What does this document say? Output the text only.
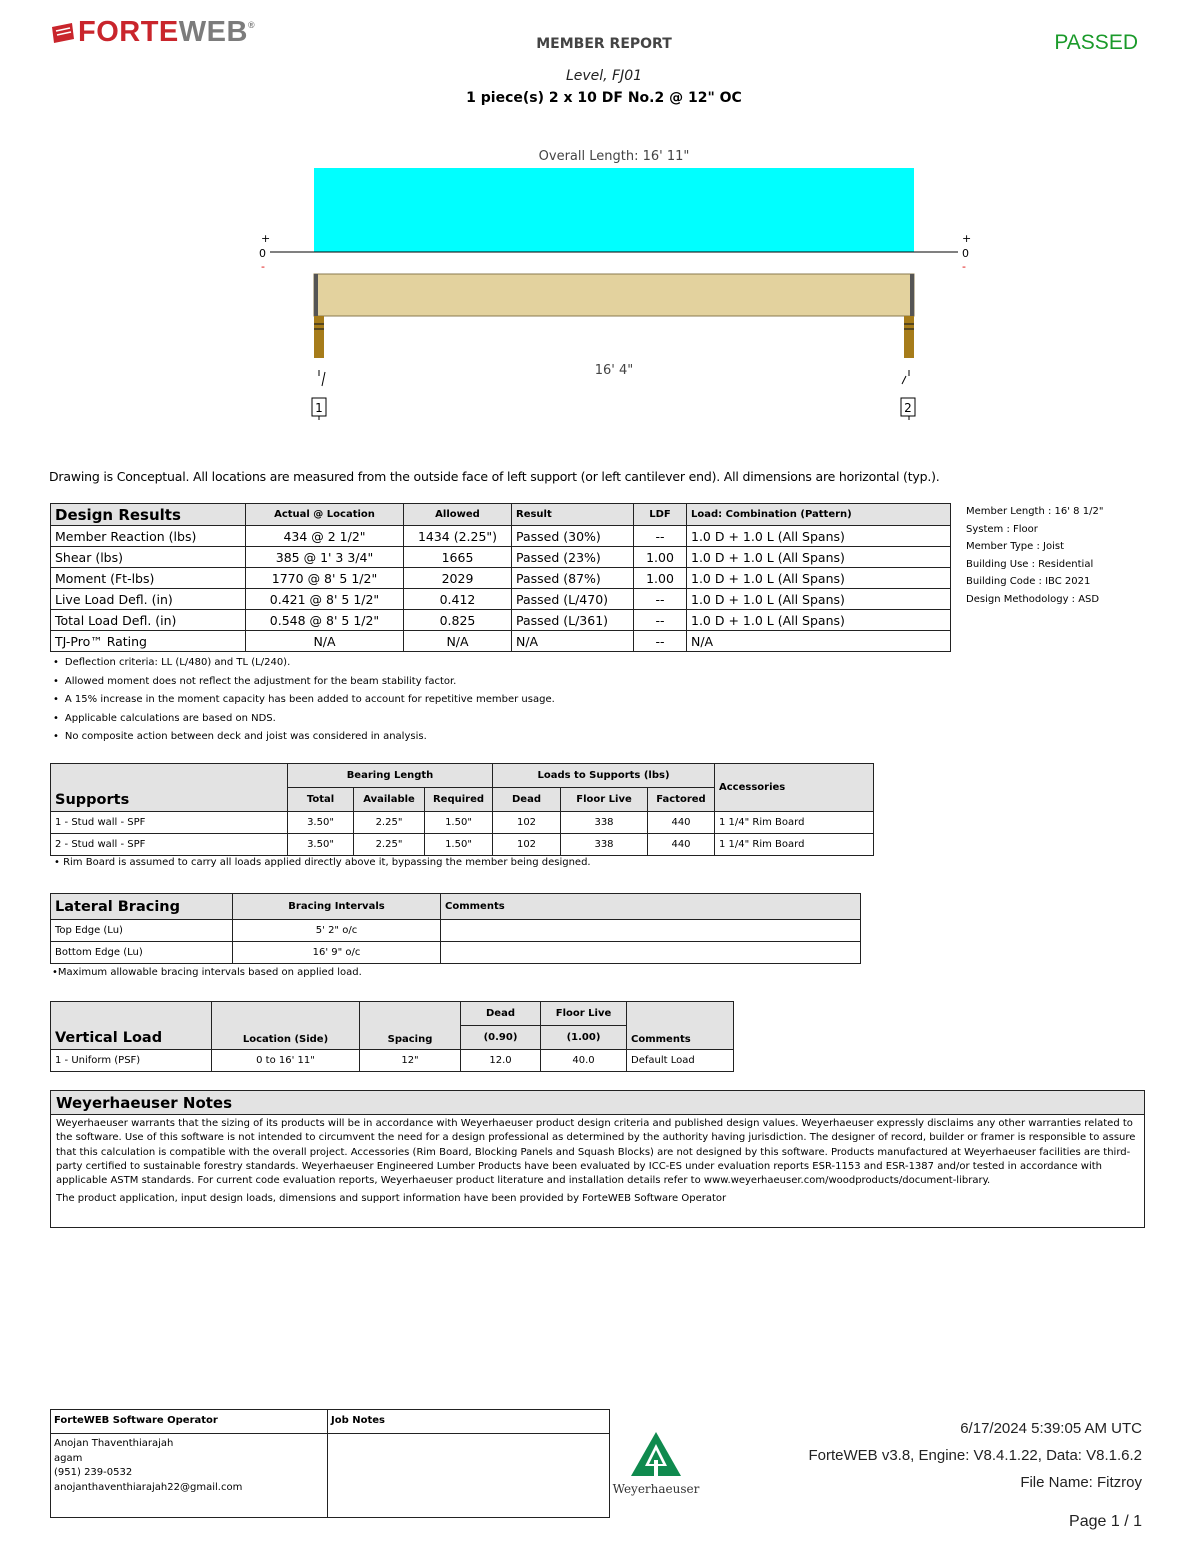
FORTE WEB ®
MEMBER REPORT	PASSED
Level, FJ01
1 piece(s) 2 x 10 DF No.2 @ 12" OC
Overall Length: 16' 11"
+
0
-
+
0
-
16' 4"
1	2
Drawing is Conceptual. All locations are measured from the outside face of left support (or left cantilever end). All dimensions are horizontal (typ.).
Design Results	Actual @ Location	Allowed	Result	LDF	Load: Combination (Pattern)
Member Reaction (lbs)	434 @ 2 1/2"	1434 (2.25")	Passed (30%)	--	1.0 D + 1.0 L (All Spans)
Shear (lbs)	385 @ 1' 3 3/4"	1665	Passed (23%)	1.00	1.0 D + 1.0 L (All Spans)
Moment (Ft-lbs)	1770 @ 8' 5 1/2"	2029	Passed (87%)	1.00	1.0 D + 1.0 L (All Spans)
Live Load Defl. (in)	0.421 @ 8' 5 1/2"	0.412	Passed (L/470)	--	1.0 D + 1.0 L (All Spans)
Total Load Defl. (in)	0.548 @ 8' 5 1/2"	0.825	Passed (L/361)	--	1.0 D + 1.0 L (All Spans)
TJ-Pro™ Rating	N/A	N/A	N/A	--	N/A
Member Length : 16' 8 1/2"
System : Floor
Member Type : Joist
Building Use : Residential
Building Code : IBC 2021
Design Methodology : ASD
• Deflection criteria: LL (L/480) and TL (L/240).
• Allowed moment does not reflect the adjustment for the beam stability factor.
• A 15% increase in the moment capacity has been added to account for repetitive member usage.
• Applicable calculations are based on NDS.
• No composite action between deck and joist was considered in analysis.
Supports	Bearing Length			Loads to Supports (lbs)			Accessories
	Total	Available	Required	Dead	Floor Live	Factored	
1 - Stud wall - SPF	3.50"	2.25"	1.50"	102	338	440	1 1/4" Rim Board
2 - Stud wall - SPF	3.50"	2.25"	1.50"	102	338	440	1 1/4" Rim Board
• Rim Board is assumed to carry all loads applied directly above it, bypassing the member being designed.
Lateral Bracing	Bracing Intervals	Comments
Top Edge (Lu)	5' 2" o/c	
Bottom Edge (Lu)	16' 9" o/c	
•Maximum allowable bracing intervals based on applied load.
Vertical Load	Location (Side)	Spacing	Dead	Floor Live	Comments
			(0.90)	(1.00)	
1 - Uniform (PSF)	0 to 16' 11"	12"	12.0	40.0	Default Load
Weyerhaeuser Notes
Weyerhaeuser warrants that the sizing of its products will be in accordance with Weyerhaeuser product design criteria and published design values. Weyerhaeuser expressly disclaims any other warranties related to the software. Use of this software is not intended to circumvent the need for a design professional as determined by the authority having jurisdiction. The designer of record, builder or framer is responsible to assure that this calculation is compatible with the overall project. Accessories (Rim Board, Blocking Panels and Squash Blocks) are not designed by this software. Products manufactured at Weyerhaeuser facilities are third-party certified to sustainable forestry standards. Weyerhaeuser Engineered Lumber Products have been evaluated by ICC-ES under evaluation reports ESR-1153 and ESR-1387 and/or tested in accordance with applicable ASTM standards. For current code evaluation reports, Weyerhaeuser product literature and installation details refer to www.weyerhaeuser.com/woodproducts/document-library.
The product application, input design loads, dimensions and support information have been provided by ForteWEB Software Operator
ForteWEB Software Operator
Anojan Thaventhiarajah
agam
(951) 239-0532
anojanthaventhiarajah22@gmail.com
Job Notes
Weyerhaeuser
6/17/2024 5:39:05 AM UTC
ForteWEB v3.8, Engine: V8.4.1.22, Data: V8.1.6.2
File Name: Fitzroy
Page 1 / 1
